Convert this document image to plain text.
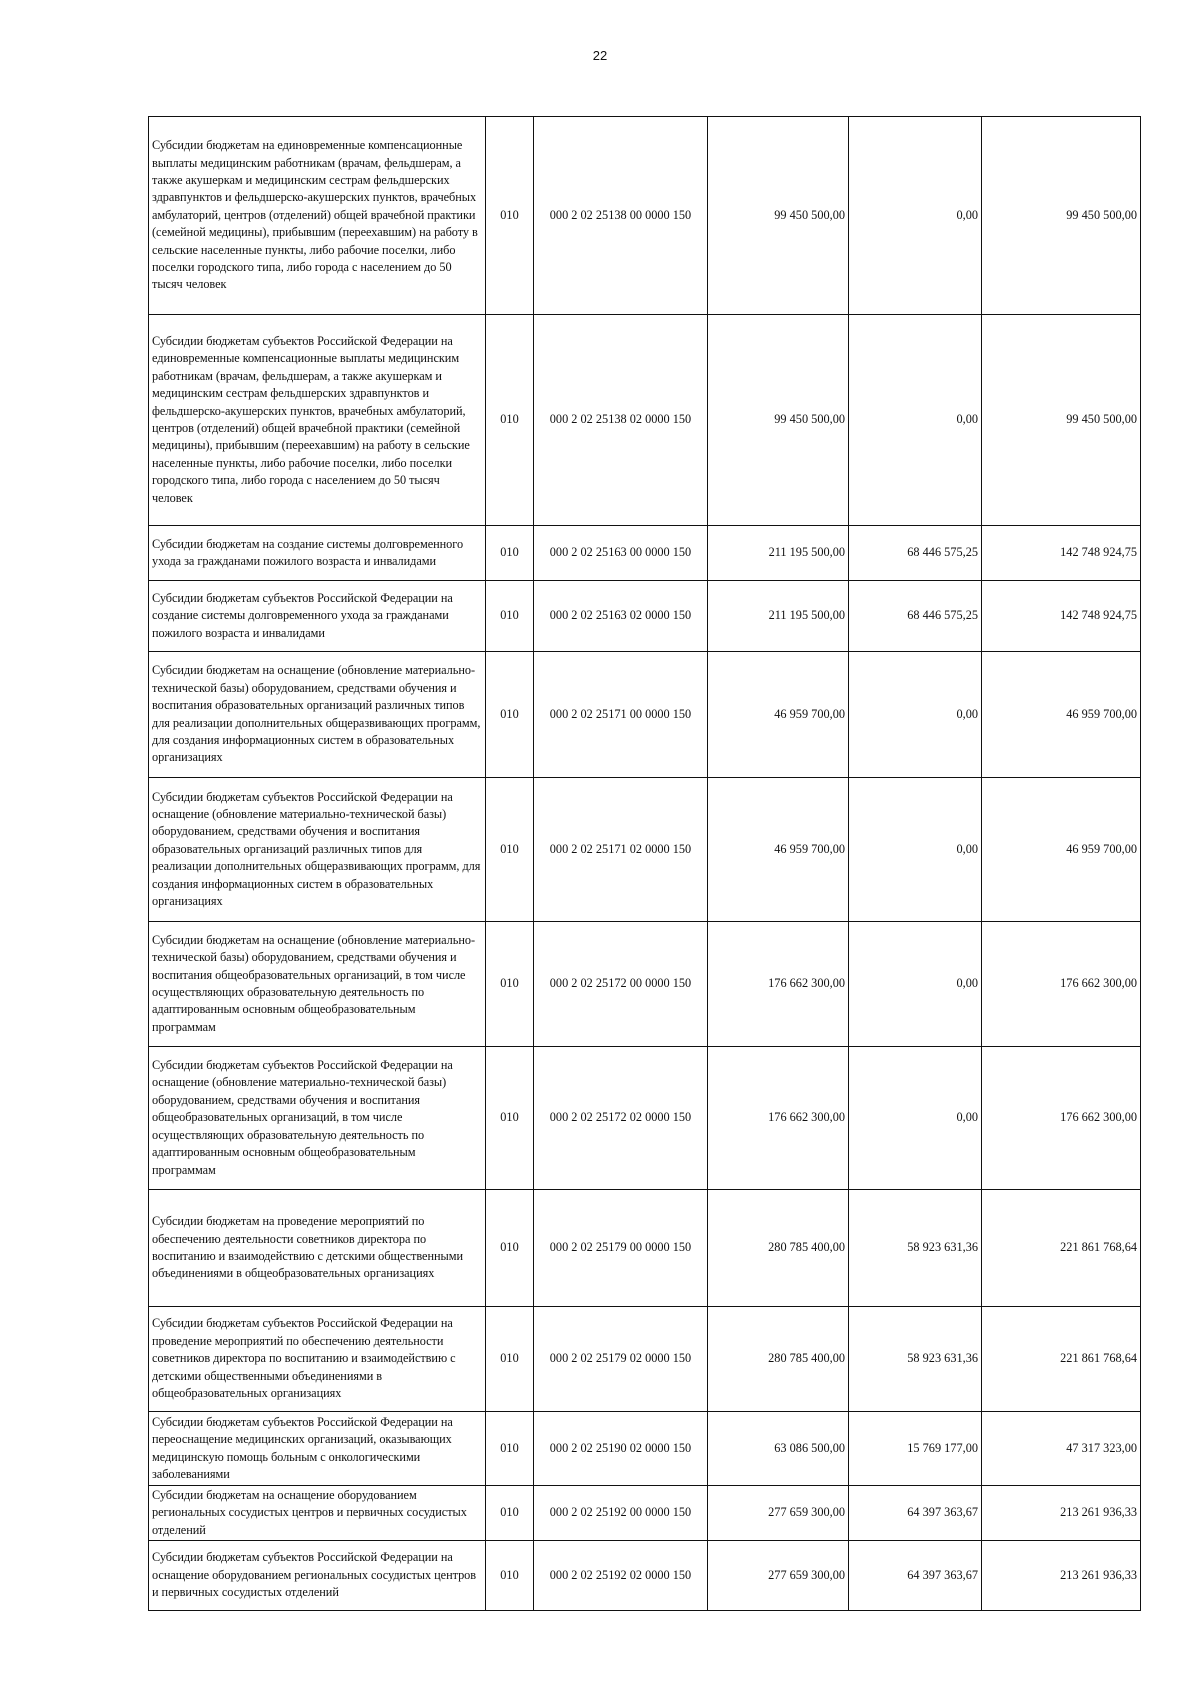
22
Субсидии бюджетам на единовременные компенсационные выплаты медицинским работникам (врачам, фельдшерам, а также акушеркам и медицинским сестрам фельдшерских здравпунктов и фельдшерско-акушерских пунктов, врачебных амбулаторий, центров (отделений) общей врачебной практики (семейной медицины), прибывшим (переехавшим) на работу в сельские населенные пункты, либо рабочие поселки, либо поселки городского типа, либо города с населением до 50 тысяч человек	010	000 2 02 25138 00 0000 150	99 450 500,00	0,00	99 450 500,00
Субсидии бюджетам субъектов Российской Федерации на единовременные компенсационные выплаты медицинским работникам (врачам, фельдшерам, а также акушеркам и медицинским сестрам фельдшерских здравпунктов и фельдшерско-акушерских пунктов, врачебных амбулаторий, центров (отделений) общей врачебной практики (семейной медицины), прибывшим (переехавшим) на работу в сельские населенные пункты, либо рабочие поселки, либо поселки городского типа, либо города с населением до 50 тысяч человек	010	000 2 02 25138 02 0000 150	99 450 500,00	0,00	99 450 500,00
Субсидии бюджетам на создание системы долговременного ухода за гражданами пожилого возраста и инвалидами	010	000 2 02 25163 00 0000 150	211 195 500,00	68 446 575,25	142 748 924,75
Субсидии бюджетам субъектов Российской Федерации на создание системы долговременного ухода за гражданами пожилого возраста и инвалидами	010	000 2 02 25163 02 0000 150	211 195 500,00	68 446 575,25	142 748 924,75
Субсидии бюджетам на оснащение (обновление материально-технической базы) оборудованием, средствами обучения и воспитания образовательных организаций различных типов для реализации дополнительных общеразвивающих программ, для создания информационных систем в образовательных организациях	010	000 2 02 25171 00 0000 150	46 959 700,00	0,00	46 959 700,00
Субсидии бюджетам субъектов Российской Федерации на оснащение (обновление материально-технической базы) оборудованием, средствами обучения и воспитания образовательных организаций различных типов для реализации дополнительных общеразвивающих программ, для создания информационных систем в образовательных организациях	010	000 2 02 25171 02 0000 150	46 959 700,00	0,00	46 959 700,00
Субсидии бюджетам на оснащение (обновление материально-технической базы) оборудованием, средствами обучения и воспитания общеобразовательных организаций, в том числе осуществляющих образовательную деятельность по адаптированным основным общеобразовательным программам	010	000 2 02 25172 00 0000 150	176 662 300,00	0,00	176 662 300,00
Субсидии бюджетам субъектов Российской Федерации на оснащение (обновление материально-технической базы) оборудованием, средствами обучения и воспитания общеобразовательных организаций, в том числе осуществляющих образовательную деятельность по адаптированным основным общеобразовательным программам	010	000 2 02 25172 02 0000 150	176 662 300,00	0,00	176 662 300,00
Субсидии бюджетам на проведение мероприятий по обеспечению деятельности советников директора по воспитанию и взаимодействию с детскими общественными объединениями в общеобразовательных организациях	010	000 2 02 25179 00 0000 150	280 785 400,00	58 923 631,36	221 861 768,64
Субсидии бюджетам субъектов Российской Федерации на проведение мероприятий по обеспечению деятельности советников директора по воспитанию и взаимодействию с детскими общественными объединениями в общеобразовательных организациях	010	000 2 02 25179 02 0000 150	280 785 400,00	58 923 631,36	221 861 768,64
Субсидии бюджетам субъектов Российской Федерации на переоснащение медицинских организаций, оказывающих медицинскую помощь больным с онкологическими заболеваниями	010	000 2 02 25190 02 0000 150	63 086 500,00	15 769 177,00	47 317 323,00
Субсидии бюджетам на оснащение оборудованием региональных сосудистых центров и первичных сосудистых отделений	010	000 2 02 25192 00 0000 150	277 659 300,00	64 397 363,67	213 261 936,33
Субсидии бюджетам субъектов Российской Федерации на оснащение оборудованием региональных сосудистых центров и первичных сосудистых отделений	010	000 2 02 25192 02 0000 150	277 659 300,00	64 397 363,67	213 261 936,33
